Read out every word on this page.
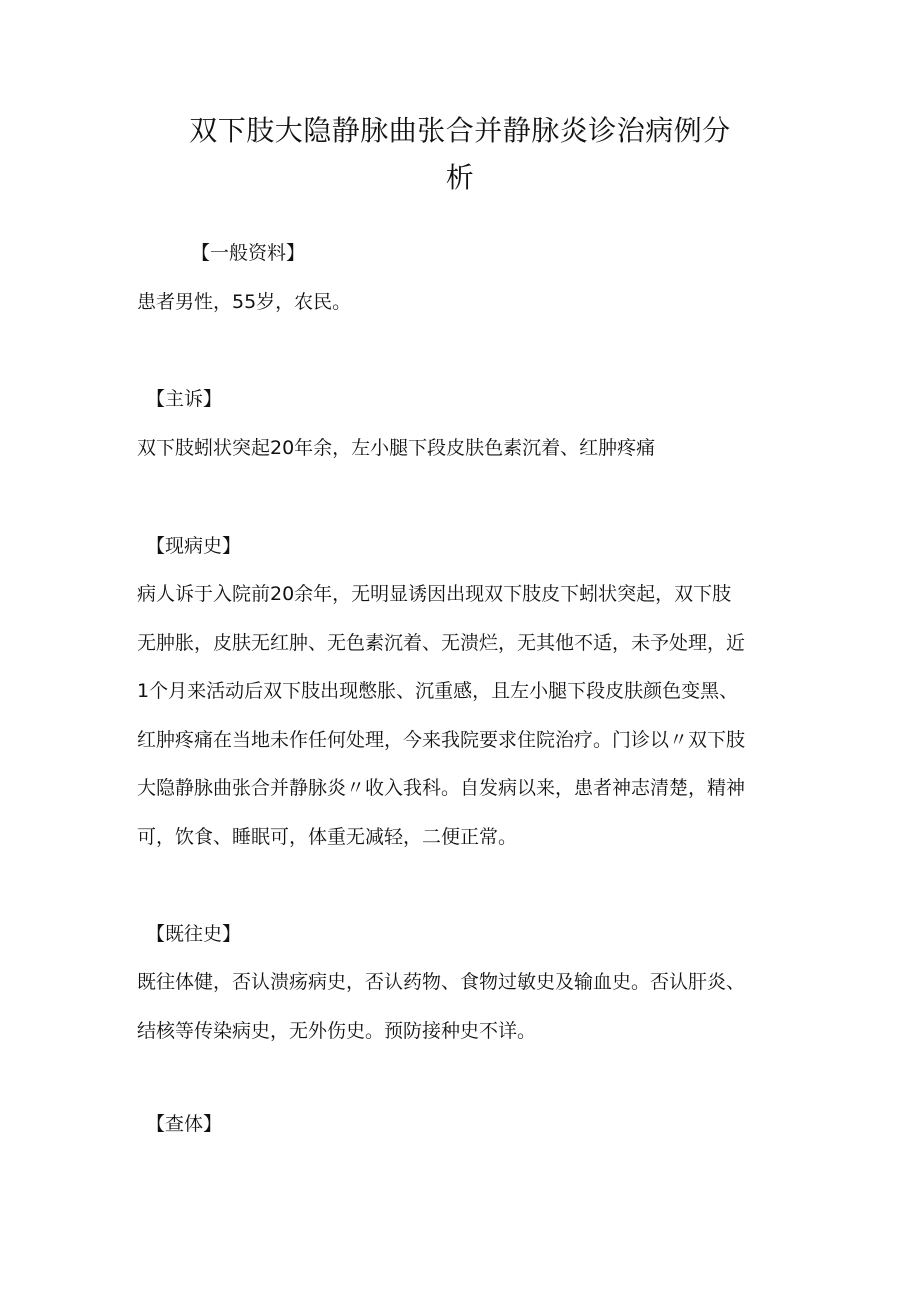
双下肢大隐静脉曲张合并静脉炎诊治病例分
析
【一般资料】

患者男性，55岁，农民。

【主诉】

双下肢蚓状突起20年余，左小腿下段皮肤色素沉着、红肿疼痛

【现病史】

病人诉于入院前20余年，无明显诱因出现双下肢皮下蚓状突起，双下肢

无肿胀，皮肤无红肿、无色素沉着、无溃烂，无其他不适，未予处理，近

1个月来活动后双下肢出现憋胀、沉重感，且左小腿下段皮肤颜色变黑、

红肿疼痛在当地未作任何处理，今来我院要求住院治疗。门诊以〃双下肢

大隐静脉曲张合并静脉炎〃收入我科。自发病以来，患者神志清楚，精神

可，饮食、睡眠可，体重无减轻，二便正常。

【既往史】

既往体健，否认溃疡病史，否认药物、食物过敏史及输血史。否认肝炎、

结核等传染病史，无外伤史。预防接种史不详。

【查体】
